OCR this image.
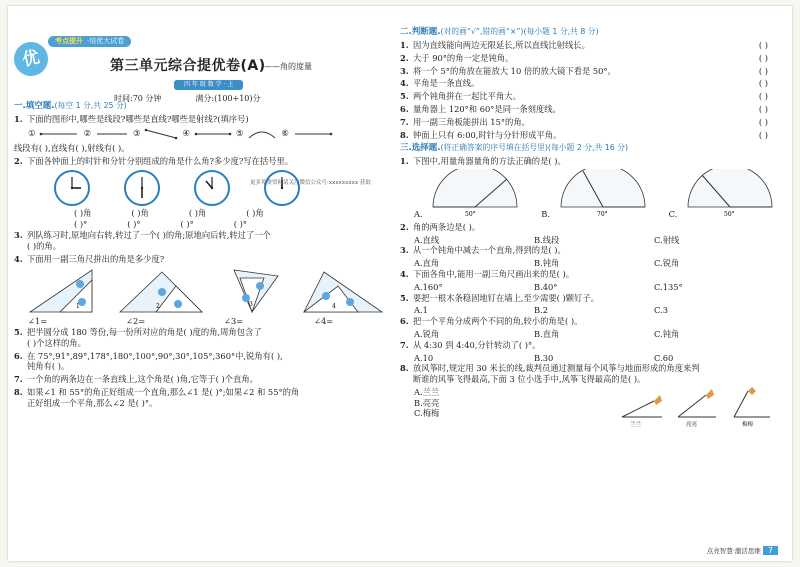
优
考点提升 ·培优大试卷
第三单元综合提优卷(A)
——角的度量
四 年 级 数 学 · 上
时间:70 分钟	满分:(100+10)分
一.填空题.(每空 1 分,共 25 分)
1. 下面的图形中,哪些是线段?哪些是直线?哪些是射线?(填序号)
①	②	③	④	⑤	⑥
线段有( ),直线有( ),射线有( )。
2. 下面各钟面上的时针和分针分别组成的角是什么角?多少度?写在括号里。
( )角	( )角	( )角	( )角
( )°	( )°	( )°	( )°
3. 列队练习时,原地向右转,转过了一个( )的角;原地向后转,转过了一个
( )的角。
4. 下面用一副三角尺拼出的角是多少度?
1	2	3	4
∠1=	∠2=	∠3=	∠4=
5. 把半圆分成 180 等份,每一份所对应的角是( )度的角,周角包含了
( )个这样的角。
6. 在 75°,91°,89°,178°,180°,100°,90°,30°,105°,360°中,锐角有( ),
钝角有( )。
7. 一个角的两条边在一条直线上,这个角是( )角,它等于( )个直角。
8. 如果∠1 和 55°的角正好组成一个直角,那么∠1 是( )°;如果∠2 和 55°的角
正好组成一个平角,那么∠2 是( )°。
更多免费资料请关注微信公众号:xxxxxxxxx 获取
二.判断题.(对的画“√”,错的画“×”)(每小题 1 分,共 8 分)
1. 因为直线能向两边无限延长,所以直线比射线长。	( )
2. 大于 90°的角一定是钝角。	( )
3. 将一个 5°的角放在能放大 10 倍的放大镜下看是 50°。	( )
4. 平角是一条直线。	( )
5. 两个钝角拼在一起比平角大。	( )
6. 量角器上 120°和 60°是同一条刻度线。	( )
7. 用一副三角板能拼出 15°的角。	( )
8. 钟面上只有 6:00,时针与分针形成平角。	( )
三.选择题.(将正确答案的序号填在括号里)(每小题 2 分,共 16 分)
1. 下图中,用量角器量角的方法正确的是( )。
A.	50°	B.	70°	C.	50°
2. 角的两条边是( )。
A.直线	B.线段	C.射线
3. 从一个钝角中减去一个直角,得到的是( )。
A.直角	B.钝角	C.锐角
4. 下面各角中,能用一副三角尺画出来的是( )。
A.160°	B.40°	C.135°
5. 要把一根木条稳固地钉在墙上,至少需要( )颗钉子。
A.1	B.2	C.3
6. 把一个平角分成两个不同的角,较小的角是( )。
A.锐角	B.直角	C.钝角
7. 从 4:30 到 4:40,分针转动了( )°。
A.10	B.30	C.60
8. 放风筝时,规定用 30 米长的线,裁判员通过测量每个风筝与地面形成的角度来判
断谁的风筝飞得最高,下面 3 位小选手中,风筝飞得最高的是( )。
A.兰兰
B.亮亮
C.梅梅
兰兰	亮亮	梅梅
点亮智慧·激活思维 7
